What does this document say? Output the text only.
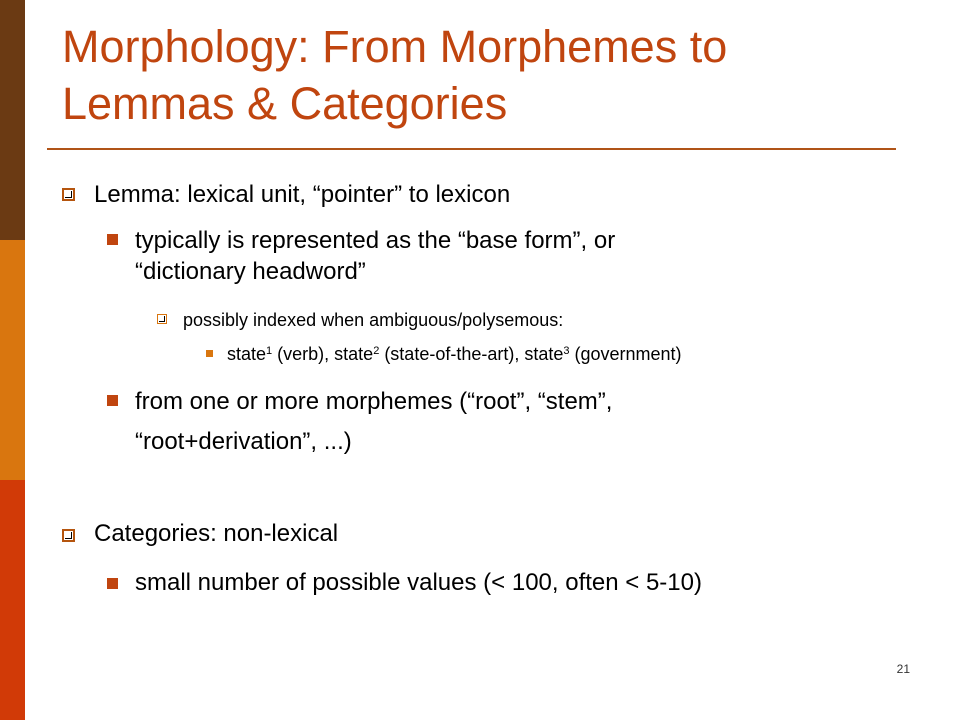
Morphology: From Morphemes to
Lemmas & Categories
Lemma: lexical unit, “pointer” to lexicon
typically is represented as the “base form”, or
“dictionary headword”
possibly indexed when ambiguous/polysemous:
state$^1$ (verb), state$^2$ (state-of-the-art), state$^3$ (government)
from one or more morphemes (“root”, “stem”,
“root+derivation”, ...)
Categories: non-lexical
small number of possible values (< 100, often < 5-10)
21
